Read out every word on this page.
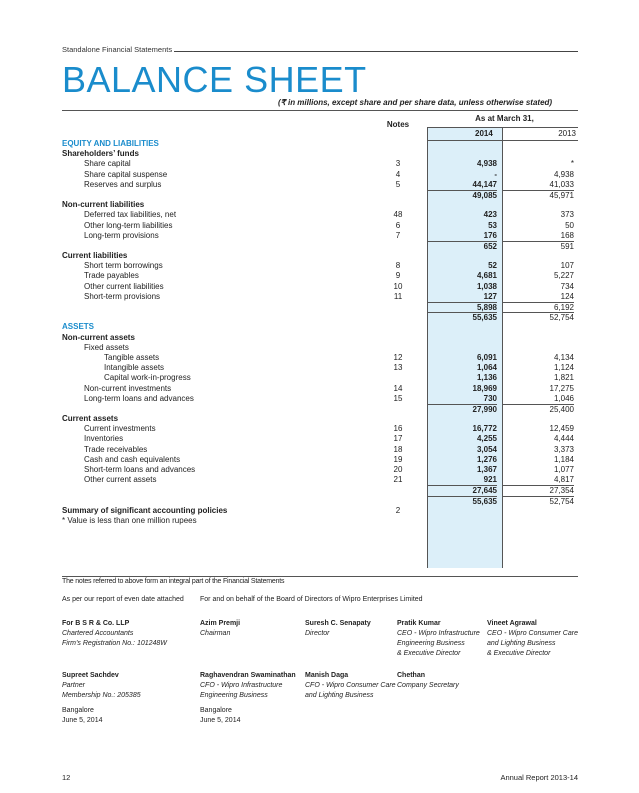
Standalone Financial Statements
BALANCE SHEET
(₹ in millions, except share and per share data, unless otherwise stated)
As at March 31,
Notes
2014	2013
EQUITY AND LIABILITIES
Shareholders’ funds
Share capital	3	4,938	*
Share capital suspense	4	-	4,938
Reserves and surplus	5	44,147	41,033
49,085	45,971
Non-current liabilities
Deferred tax liabilities, net	48	423	373
Other long-term liabilities	6	53	50
Long-term provisions	7	176	168
652	591
Current liabilities
Short term borrowings	8	52	107
Trade payables	9	4,681	5,227
Other current liabilities	10	1,038	734
Short-term provisions	11	127	124
5,898	6,192
55,635	52,754
ASSETS
Non-current assets
Fixed assets
Tangible assets	12	6,091	4,134
Intangible assets	13	1,064	1,124
Capital work-in-progress	1,136	1,821
Non-current investments	14	18,969	17,275
Long-term loans and advances	15	730	1,046
27,990	25,400
Current assets
Current investments	16	16,772	12,459
Inventories	17	4,255	4,444
Trade receivables	18	3,054	3,373
Cash and cash equivalents	19	1,276	1,184
Short-term loans and advances	20	1,367	1,077
Other current assets	21	921	4,817
27,645	27,354
55,635	52,754
Summary of significant accounting policies	2
* Value is less than one million rupees
The notes referred to above form an integral part of the Financial Statements
As per our report of even date attached For and on behalf of the Board of Directors of Wipro Enterprises Limited
For B S R & Co. LLP
Chartered Accountants
Firm’s Registration No.: 101248W
Azim Premji
Chairman
Suresh C. Senapaty
Director
Pratik Kumar
CEO - Wipro Infrastructure
Engineering Business
& Executive Director
Vineet Agrawal
CEO - Wipro Consumer Care
and Lighting Business
& Executive Director
Supreet Sachdev
Partner
Membership No.: 205385
Raghavendran Swaminathan
CFO - Wipro Infrastructure
Engineering Business
Manish Daga
CFO - Wipro Consumer Care
and Lighting Business
Chethan
Company Secretary
Bangalore
June 5, 2014
Bangalore
June 5, 2014
12	Annual Report 2013-14
